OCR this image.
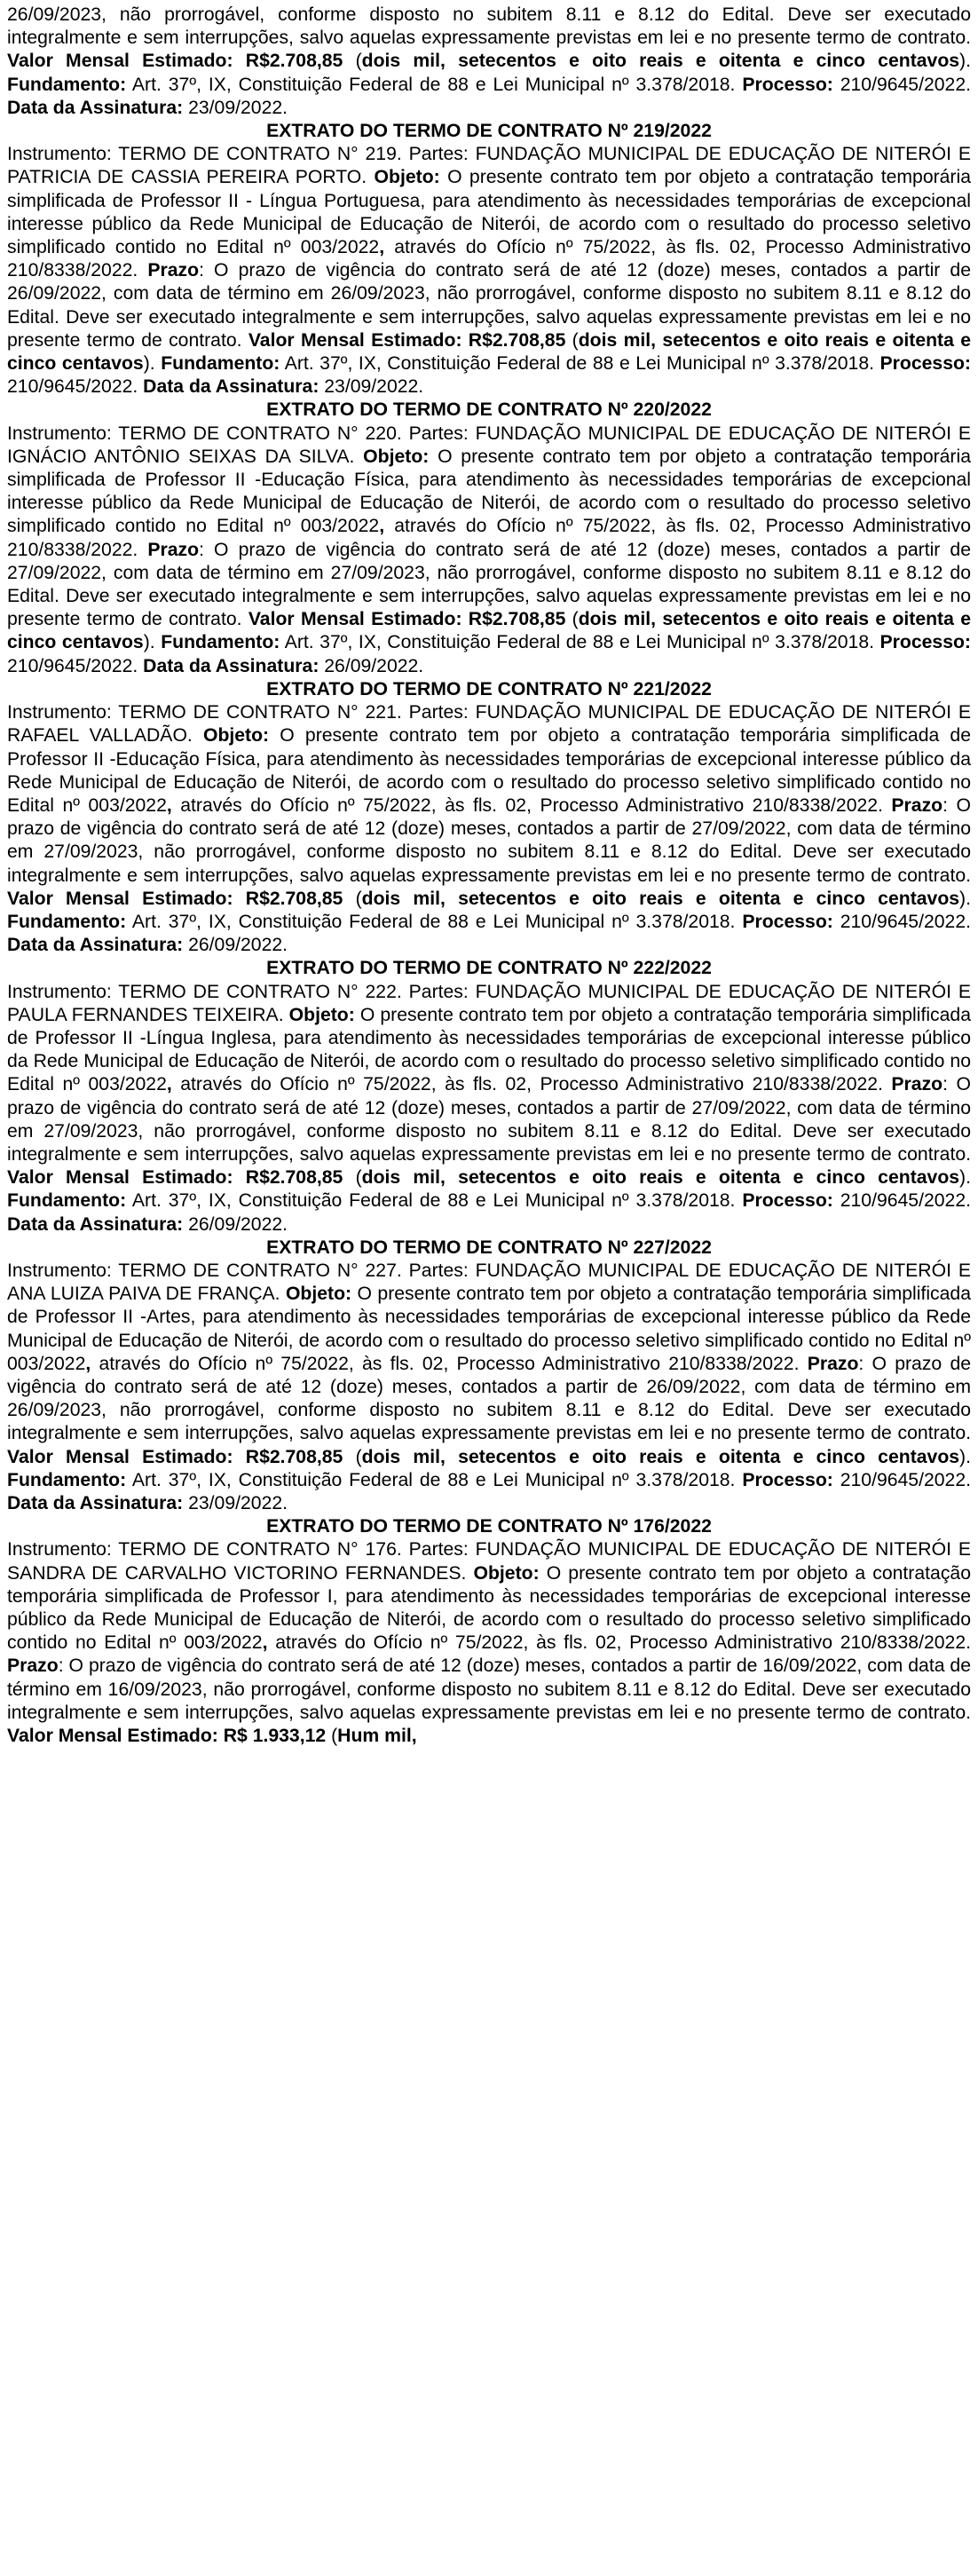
26/09/2023, não prorrogável, conforme disposto no subitem 8.11 e 8.12 do Edital. Deve ser executado integralmente e sem interrupções, salvo aquelas expressamente previstas em lei e no presente termo de contrato. Valor Mensal Estimado: R$2.708,85 (dois mil, setecentos e oito reais e oitenta e cinco centavos). Fundamento: Art. 37º, IX, Constituição Federal de 88 e Lei Municipal nº 3.378/2018. Processo: 210/9645/2022. Data da Assinatura: 23/09/2022.

EXTRATO DO TERMO DE CONTRATO Nº 219/2022

Instrumento: TERMO DE CONTRATO N° 219. Partes: FUNDAÇÃO MUNICIPAL DE EDUCAÇÃO DE NITERÓI E PATRICIA DE CASSIA PEREIRA PORTO. Objeto: O presente contrato tem por objeto a contratação temporária simplificada de Professor II - Língua Portuguesa, para atendimento às necessidades temporárias de excepcional interesse público da Rede Municipal de Educação de Niterói, de acordo com o resultado do processo seletivo simplificado contido no Edital nº 003/2022, através do Ofício nº 75/2022, às fls. 02, Processo Administrativo 210/8338/2022. Prazo: O prazo de vigência do contrato será de até 12 (doze) meses, contados a partir de 26/09/2022, com data de término em 26/09/2023, não prorrogável, conforme disposto no subitem 8.11 e 8.12 do Edital. Deve ser executado integralmente e sem interrupções, salvo aquelas expressamente previstas em lei e no presente termo de contrato. Valor Mensal Estimado: R$2.708,85 (dois mil, setecentos e oito reais e oitenta e cinco centavos). Fundamento: Art. 37º, IX, Constituição Federal de 88 e Lei Municipal nº 3.378/2018. Processo: 210/9645/2022. Data da Assinatura: 23/09/2022.

EXTRATO DO TERMO DE CONTRATO Nº 220/2022

Instrumento: TERMO DE CONTRATO N° 220. Partes: FUNDAÇÃO MUNICIPAL DE EDUCAÇÃO DE NITERÓI E IGNÁCIO ANTÔNIO SEIXAS DA SILVA. Objeto: O presente contrato tem por objeto a contratação temporária simplificada de Professor II -Educação Física, para atendimento às necessidades temporárias de excepcional interesse público da Rede Municipal de Educação de Niterói, de acordo com o resultado do processo seletivo simplificado contido no Edital nº 003/2022, através do Ofício nº 75/2022, às fls. 02, Processo Administrativo 210/8338/2022. Prazo: O prazo de vigência do contrato será de até 12 (doze) meses, contados a partir de 27/09/2022, com data de término em 27/09/2023, não prorrogável, conforme disposto no subitem 8.11 e 8.12 do Edital. Deve ser executado integralmente e sem interrupções, salvo aquelas expressamente previstas em lei e no presente termo de contrato. Valor Mensal Estimado: R$2.708,85 (dois mil, setecentos e oito reais e oitenta e cinco centavos). Fundamento: Art. 37º, IX, Constituição Federal de 88 e Lei Municipal nº 3.378/2018. Processo: 210/9645/2022. Data da Assinatura: 26/09/2022.

EXTRATO DO TERMO DE CONTRATO Nº 221/2022

Instrumento: TERMO DE CONTRATO N° 221. Partes: FUNDAÇÃO MUNICIPAL DE EDUCAÇÃO DE NITERÓI E RAFAEL VALLADÃO. Objeto: O presente contrato tem por objeto a contratação temporária simplificada de Professor II -Educação Física, para atendimento às necessidades temporárias de excepcional interesse público da Rede Municipal de Educação de Niterói, de acordo com o resultado do processo seletivo simplificado contido no Edital nº 003/2022, através do Ofício nº 75/2022, às fls. 02, Processo Administrativo 210/8338/2022. Prazo: O prazo de vigência do contrato será de até 12 (doze) meses, contados a partir de 27/09/2022, com data de término em 27/09/2023, não prorrogável, conforme disposto no subitem 8.11 e 8.12 do Edital. Deve ser executado integralmente e sem interrupções, salvo aquelas expressamente previstas em lei e no presente termo de contrato. Valor Mensal Estimado: R$2.708,85 (dois mil, setecentos e oito reais e oitenta e cinco centavos). Fundamento: Art. 37º, IX, Constituição Federal de 88 e Lei Municipal nº 3.378/2018. Processo: 210/9645/2022. Data da Assinatura: 26/09/2022.

EXTRATO DO TERMO DE CONTRATO Nº 222/2022

Instrumento: TERMO DE CONTRATO N° 222. Partes: FUNDAÇÃO MUNICIPAL DE EDUCAÇÃO DE NITERÓI E PAULA FERNANDES TEIXEIRA. Objeto: O presente contrato tem por objeto a contratação temporária simplificada de Professor II -Língua Inglesa, para atendimento às necessidades temporárias de excepcional interesse público da Rede Municipal de Educação de Niterói, de acordo com o resultado do processo seletivo simplificado contido no Edital nº 003/2022, através do Ofício nº 75/2022, às fls. 02, Processo Administrativo 210/8338/2022. Prazo: O prazo de vigência do contrato será de até 12 (doze) meses, contados a partir de 27/09/2022, com data de término em 27/09/2023, não prorrogável, conforme disposto no subitem 8.11 e 8.12 do Edital. Deve ser executado integralmente e sem interrupções, salvo aquelas expressamente previstas em lei e no presente termo de contrato. Valor Mensal Estimado: R$2.708,85 (dois mil, setecentos e oito reais e oitenta e cinco centavos). Fundamento: Art. 37º, IX, Constituição Federal de 88 e Lei Municipal nº 3.378/2018. Processo: 210/9645/2022. Data da Assinatura: 26/09/2022.

EXTRATO DO TERMO DE CONTRATO Nº 227/2022

Instrumento: TERMO DE CONTRATO N° 227. Partes: FUNDAÇÃO MUNICIPAL DE EDUCAÇÃO DE NITERÓI E ANA LUIZA PAIVA DE FRANÇA. Objeto: O presente contrato tem por objeto a contratação temporária simplificada de Professor II -Artes, para atendimento às necessidades temporárias de excepcional interesse público da Rede Municipal de Educação de Niterói, de acordo com o resultado do processo seletivo simplificado contido no Edital nº 003/2022, através do Ofício nº 75/2022, às fls. 02, Processo Administrativo 210/8338/2022. Prazo: O prazo de vigência do contrato será de até 12 (doze) meses, contados a partir de 26/09/2022, com data de término em 26/09/2023, não prorrogável, conforme disposto no subitem 8.11 e 8.12 do Edital. Deve ser executado integralmente e sem interrupções, salvo aquelas expressamente previstas em lei e no presente termo de contrato. Valor Mensal Estimado: R$2.708,85 (dois mil, setecentos e oito reais e oitenta e cinco centavos). Fundamento: Art. 37º, IX, Constituição Federal de 88 e Lei Municipal nº 3.378/2018. Processo: 210/9645/2022. Data da Assinatura: 23/09/2022.

EXTRATO DO TERMO DE CONTRATO Nº 176/2022

Instrumento: TERMO DE CONTRATO N° 176. Partes: FUNDAÇÃO MUNICIPAL DE EDUCAÇÃO DE NITERÓI E SANDRA DE CARVALHO VICTORINO FERNANDES. Objeto: O presente contrato tem por objeto a contratação temporária simplificada de Professor I, para atendimento às necessidades temporárias de excepcional interesse público da Rede Municipal de Educação de Niterói, de acordo com o resultado do processo seletivo simplificado contido no Edital nº 003/2022, através do Ofício nº 75/2022, às fls. 02, Processo Administrativo 210/8338/2022. Prazo: O prazo de vigência do contrato será de até 12 (doze) meses, contados a partir de 16/09/2022, com data de término em 16/09/2023, não prorrogável, conforme disposto no subitem 8.11 e 8.12 do Edital. Deve ser executado integralmente e sem interrupções, salvo aquelas expressamente previstas em lei e no presente termo de contrato. Valor Mensal Estimado: R$ 1.933,12 (Hum mil,
